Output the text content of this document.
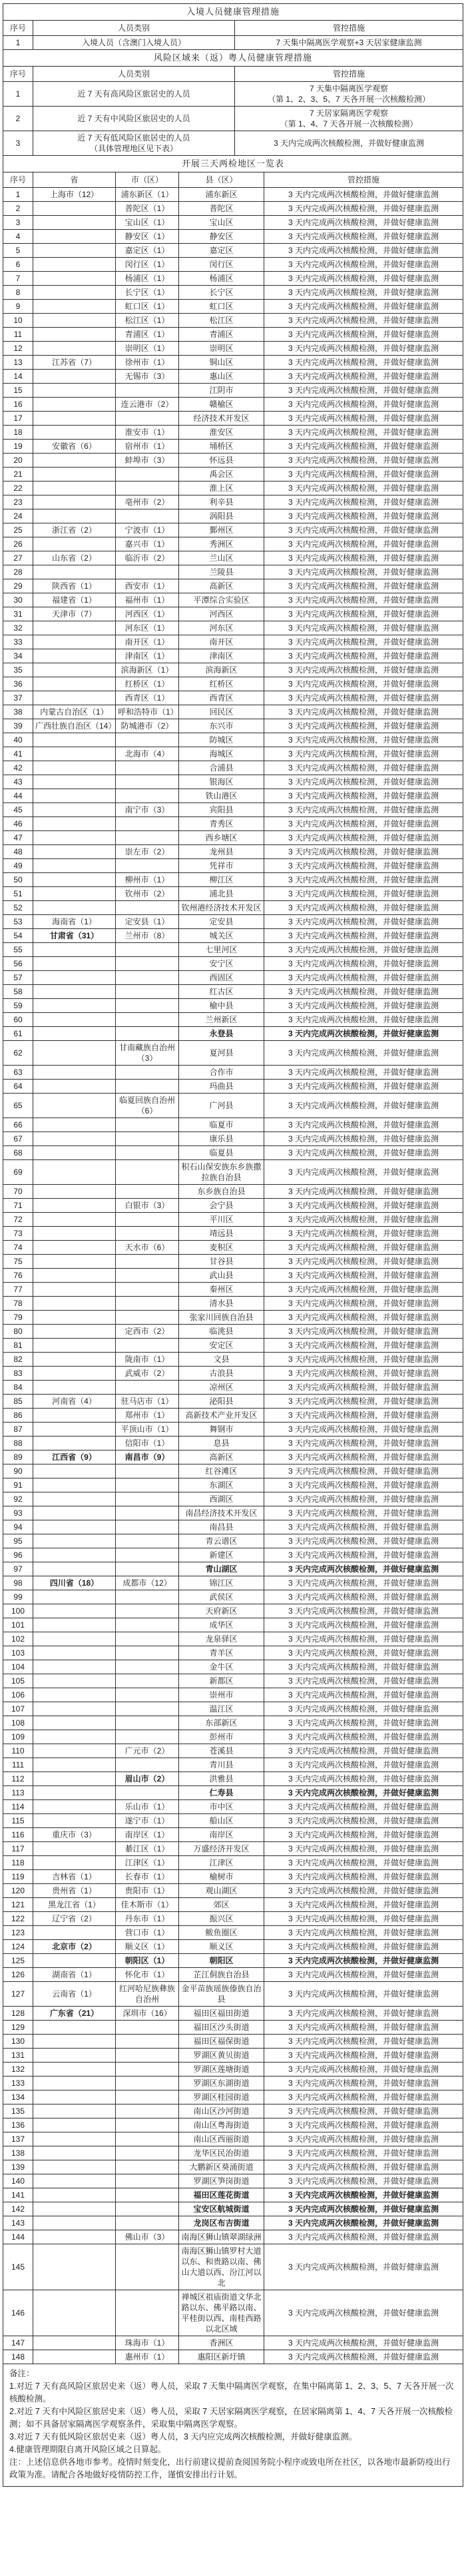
入境人员健康管理措施		
序号	人员类别	管控措施
1	入境人员（含澳门入境人员）	7 天集中隔离医学观察+3 天居家健康监测
风险区域来（返）粤人员健康管理措施		
序号	人员类别	管控措施
1	近 7 天有高风险区旅居史的人员	7 天集中隔离医学观察
（第 1、2、3、5、7 天各开展一次核酸检测）

2	近 7 天有中风险区旅居史的人员	7 天居家隔离医学观察
（第 1、4、7 天各开展一次核酸检测）

3	近 7 天有低风险区旅居史的人员
（具体管理地区见下表）	3 天内完成两次核酸检测，并做好健康监测
开展三天两检地区一览表				
序号	省	市（区）	县（区）	管控措施
1	上海市（12）	浦东新区（1）	浦东新区	3 天内完成两次核酸检测，并做好健康监测
2		普陀区（1）	普陀区	3 天内完成两次核酸检测，并做好健康监测
3		宝山区（1）	宝山区	3 天内完成两次核酸检测，并做好健康监测
4		静安区（1）	静安区	3 天内完成两次核酸检测，并做好健康监测
5		嘉定区（1）	嘉定区	3 天内完成两次核酸检测，并做好健康监测
6		闵行区（1）	闵行区	3 天内完成两次核酸检测，并做好健康监测
7		杨浦区（1）	杨浦区	3 天内完成两次核酸检测，并做好健康监测
8		长宁区（1）	长宁区	3 天内完成两次核酸检测，并做好健康监测
9		虹口区（1）	虹口区	3 天内完成两次核酸检测，并做好健康监测
10		松江区（1）	松江区	3 天内完成两次核酸检测，并做好健康监测
11		青浦区（1）	青浦区	3 天内完成两次核酸检测，并做好健康监测
12		崇明区（1）	崇明区	3 天内完成两次核酸检测，并做好健康监测
13	江苏省（7）	徐州市（1）	铜山区	3 天内完成两次核酸检测，并做好健康监测
14		无锡市（3）	惠山区	3 天内完成两次核酸检测，并做好健康监测
15			江阴市	3 天内完成两次核酸检测，并做好健康监测
16		连云港市（2）	赣榆区	3 天内完成两次核酸检测，并做好健康监测
17			经济技术开发区	3 天内完成两次核酸检测，并做好健康监测
18		淮安市（1）	淮安区	3 天内完成两次核酸检测，并做好健康监测
19	安徽省（6）	宿州市（1）	埇桥区	3 天内完成两次核酸检测，并做好健康监测
20		蚌埠市（3）	怀远县	3 天内完成两次核酸检测，并做好健康监测
21			禹会区	3 天内完成两次核酸检测，并做好健康监测
22			淮上区	3 天内完成两次核酸检测，并做好健康监测
23		亳州市（2）	利辛县	3 天内完成两次核酸检测，并做好健康监测
24			涡阳县	3 天内完成两次核酸检测，并做好健康监测
25	浙江省（2）	宁波市（1）	鄞州区	3 天内完成两次核酸检测，并做好健康监测
26		嘉兴市（1）	秀洲区	3 天内完成两次核酸检测，并做好健康监测
27	山东省（2）	临沂市（2）	兰山区	3 天内完成两次核酸检测，并做好健康监测
28			兰陵县	3 天内完成两次核酸检测，并做好健康监测
29	陕西省（1）	西安市（1）	高新区	3 天内完成两次核酸检测，并做好健康监测
30	福建省（1）	福州市（1）	平潭综合实验区	3 天内完成两次核酸检测，并做好健康监测
31	天津市（7）	河西区（1）	河西区	3 天内完成两次核酸检测，并做好健康监测
32		河东区（1）	河东区	3 天内完成两次核酸检测，并做好健康监测
33		南开区（1）	南开区	3 天内完成两次核酸检测，并做好健康监测
34		津南区（1）	津南区	3 天内完成两次核酸检测，并做好健康监测
35		滨海新区（1）	滨海新区	3 天内完成两次核酸检测，并做好健康监测
36		红桥区（1）	红桥区	3 天内完成两次核酸检测，并做好健康监测
37		西青区（1）	西青区	3 天内完成两次核酸检测，并做好健康监测
38	内蒙古自治区（1）	呼和浩特市（1）	回民区	3 天内完成两次核酸检测，并做好健康监测
39	广西壮族自治区（14）	防城港市（2）	东兴市	3 天内完成两次核酸检测，并做好健康监测
40			防城区	3 天内完成两次核酸检测，并做好健康监测
41		北海市（4）	海城区	3 天内完成两次核酸检测，并做好健康监测
42			合浦县	3 天内完成两次核酸检测，并做好健康监测
43			银海区	3 天内完成两次核酸检测，并做好健康监测
44			铁山港区	3 天内完成两次核酸检测，并做好健康监测
45		南宁市（3）	宾阳县	3 天内完成两次核酸检测，并做好健康监测
46			青秀区	3 天内完成两次核酸检测，并做好健康监测
47			西乡塘区	3 天内完成两次核酸检测，并做好健康监测
48		崇左市（2）	龙州县	3 天内完成两次核酸检测，并做好健康监测
49			凭祥市	3 天内完成两次核酸检测，并做好健康监测
50		柳州市（1）	柳江区	3 天内完成两次核酸检测，并做好健康监测
51		钦州市（2）	浦北县	3 天内完成两次核酸检测，并做好健康监测
52			钦州港经济技术开发区	3 天内完成两次核酸检测，并做好健康监测
53	海南省（1）	定安县（1）	定安县	3 天内完成两次核酸检测，并做好健康监测
54	甘肃省（31）	兰州市（8）	城关区	3 天内完成两次核酸检测，并做好健康监测
55			七里河区	3 天内完成两次核酸检测，并做好健康监测
56			安宁区	3 天内完成两次核酸检测，并做好健康监测
57			西固区	3 天内完成两次核酸检测，并做好健康监测
58			红古区	3 天内完成两次核酸检测，并做好健康监测
59			榆中县	3 天内完成两次核酸检测，并做好健康监测
60			兰州新区	3 天内完成两次核酸检测，并做好健康监测
61			永登县	3 天内完成两次核酸检测，并做好健康监测
62		甘南藏族自治州（3）	夏河县	3 天内完成两次核酸检测，并做好健康监测
63			合作市	3 天内完成两次核酸检测，并做好健康监测
64			玛曲县	3 天内完成两次核酸检测，并做好健康监测
65		临夏回族自治州（6）	广河县	3 天内完成两次核酸检测，并做好健康监测
66			临夏市	3 天内完成两次核酸检测，并做好健康监测
67			康乐县	3 天内完成两次核酸检测，并做好健康监测
68			临夏县	3 天内完成两次核酸检测，并做好健康监测
69			积石山保安族东乡族撒拉族自治县	3 天内完成两次核酸检测，并做好健康监测
70			东乡族自治县	3 天内完成两次核酸检测，并做好健康监测
71		白银市（3）	会宁县	3 天内完成两次核酸检测，并做好健康监测
72			平川区	3 天内完成两次核酸检测，并做好健康监测
73			靖远县	3 天内完成两次核酸检测，并做好健康监测
74		天水市（6）	麦积区	3 天内完成两次核酸检测，并做好健康监测
75			甘谷县	3 天内完成两次核酸检测，并做好健康监测
76			武山县	3 天内完成两次核酸检测，并做好健康监测
77			秦州区	3 天内完成两次核酸检测，并做好健康监测
78			清水县	3 天内完成两次核酸检测，并做好健康监测
79			张家川回族自治县	3 天内完成两次核酸检测，并做好健康监测
80		定西市（2）	临洮县	3 天内完成两次核酸检测，并做好健康监测
81			安定区	3 天内完成两次核酸检测，并做好健康监测
82		陇南市（1）	文县	3 天内完成两次核酸检测，并做好健康监测
83		武威市（2）	古浪县	3 天内完成两次核酸检测，并做好健康监测
84			凉州区	3 天内完成两次核酸检测，并做好健康监测
85	河南省（4）	驻马店市（1）	泌阳县	3 天内完成两次核酸检测，并做好健康监测
86		郑州市（1）	高新技术产业开发区	3 天内完成两次核酸检测，并做好健康监测
87		平顶山市（1）	舞钢市	3 天内完成两次核酸检测，并做好健康监测
88		信阳市（1）	息县	3 天内完成两次核酸检测，并做好健康监测
89	江西省（9）	南昌市（9）	高新区	3 天内完成两次核酸检测，并做好健康监测
90			红谷滩区	3 天内完成两次核酸检测，并做好健康监测
91			东湖区	3 天内完成两次核酸检测，并做好健康监测
92			西湖区	3 天内完成两次核酸检测，并做好健康监测
93			南昌经济技术开发区	3 天内完成两次核酸检测，并做好健康监测
94			南昌县	3 天内完成两次核酸检测，并做好健康监测
95			青云谱区	3 天内完成两次核酸检测，并做好健康监测
96			新建区	3 天内完成两次核酸检测，并做好健康监测
97			青山湖区	3 天内完成两次核酸检测，并做好健康监测
98	四川省（18）	成都市（12）	锦江区	3 天内完成两次核酸检测，并做好健康监测
99			武侯区	3 天内完成两次核酸检测，并做好健康监测
100			天府新区	3 天内完成两次核酸检测，并做好健康监测
101			成华区	3 天内完成两次核酸检测，并做好健康监测
102			龙泉驿区	3 天内完成两次核酸检测，并做好健康监测
103			青羊区	3 天内完成两次核酸检测，并做好健康监测
104			金牛区	3 天内完成两次核酸检测，并做好健康监测
105			新都区	3 天内完成两次核酸检测，并做好健康监测
106			崇州市	3 天内完成两次核酸检测，并做好健康监测
107			温江区	3 天内完成两次核酸检测，并做好健康监测
108			东部新区	3 天内完成两次核酸检测，并做好健康监测
109			彭州市	3 天内完成两次核酸检测，并做好健康监测
110		广元市（2）	苍溪县	3 天内完成两次核酸检测，并做好健康监测
111			青川县	3 天内完成两次核酸检测，并做好健康监测
112		眉山市（2）	洪雅县	3 天内完成两次核酸检测，并做好健康监测
113			仁寿县	3 天内完成两次核酸检测，并做好健康监测
114		乐山市（1）	市中区	3 天内完成两次核酸检测，并做好健康监测
115		遂宁市（1）	船山区	3 天内完成两次核酸检测，并做好健康监测
116	重庆市（3）	南岸区（1）	南岸区	3 天内完成两次核酸检测，并做好健康监测
117		綦江区（1）	万盛经济开发区	3 天内完成两次核酸检测，并做好健康监测
118		江津区（1）	江津区	3 天内完成两次核酸检测，并做好健康监测
119	吉林省（1）	长春市（1）	榆树市	3 天内完成两次核酸检测，并做好健康监测
120	贵州省（1）	贵阳市（1）	观山湖区	3 天内完成两次核酸检测，并做好健康监测
121	黑龙江省（1）	佳木斯市（1）	郊区	3 天内完成两次核酸检测，并做好健康监测
122	辽宁省（2）	丹东市（1）	振兴区	3 天内完成两次核酸检测，并做好健康监测
123		营口市（1）	鲅鱼圈区	3 天内完成两次核酸检测，并做好健康监测
124	北京市（2）	顺义区（1）	顺义区	3 天内完成两次核酸检测，并做好健康监测
125		朝阳区（1）	朝阳区	3 天内完成两次核酸检测，并做好健康监测
126	湖南省（1）	怀化市（1）	芷江侗族自治县	3 天内完成两次核酸检测，并做好健康监测
127	云南省（1）	红河哈尼族彝族自治州	金平苗族瑶族傣族自治县	3 天内完成两次核酸检测，并做好健康监测
128	广东省（21）	深圳市（16）	福田区福田街道	3 天内完成两次核酸检测，并做好健康监测
129			福田区沙头街道	3 天内完成两次核酸检测，并做好健康监测
130			福田区福保街道	3 天内完成两次核酸检测，并做好健康监测
131			罗湖区黄贝街道	3 天内完成两次核酸检测，并做好健康监测
132			罗湖区莲塘街道	3 天内完成两次核酸检测，并做好健康监测
133			罗湖区东湖街道	3 天内完成两次核酸检测，并做好健康监测
134			罗湖区桂园街道	3 天内完成两次核酸检测，并做好健康监测
135			南山区沙河街道	3 天内完成两次核酸检测，并做好健康监测
136			南山区粤海街道	3 天内完成两次核酸检测，并做好健康监测
137			南山区西丽街道	3 天内完成两次核酸检测，并做好健康监测
138			龙华区民治街道	3 天内完成两次核酸检测，并做好健康监测
139			大鹏新区葵涌街道	3 天内完成两次核酸检测，并做好健康监测
140			罗湖区笋岗街道	3 天内完成两次核酸检测，并做好健康监测
141			福田区莲花街道	3 天内完成两次核酸检测，并做好健康监测
142			宝安区航城街道	3 天内完成两次核酸检测，并做好健康监测
143			龙岗区布吉街道	3 天内完成两次核酸检测，并做好健康监测
144		佛山市（3）	南海区狮山镇翠湖绿洲	3 天内完成两次核酸检测，并做好健康监测
145			南海区狮山镇罗村大道以东、和贵路以南、佛山大道以西、汾江河以北	3 天内完成两次核酸检测，并做好健康监测
146			禅城区祖庙街道文华北路以东、佛平路以南、平桂街以西、南桂西路以北区域	3 天内完成两次核酸检测，并做好健康监测
147		珠海市（1）	香洲区	3 天内完成两次核酸检测，并做好健康监测
148		惠州市（1）	惠阳区新圩镇	3 天内完成两次核酸检测，并做好健康监测

备注：

1.对近 7 天有高风险区旅居史来（返）粤人员，采取 7 天集中隔离医学观察，在集中隔离第 1、2、3、5、7 天各开展一次核酸检测。

2.对近 7 天有中风险区旅居史来（返）粤人员，采取 7 天居家隔离医学观察，在居家隔离第 1、4、7 天各开展一次核酸检测；如不具备居家隔离医学观察条件，采取集中隔离医学观察。

3.对近 7 天有低风险区旅居史来（返）粤人员，3 天内应完成两次核酸检测，并做好健康监测。

4.健康管理期限自离开风险区域之日算起。

注：上述信息供各地市参考。疫情时刻变化，出行前建议提前查阅国务院小程序或致电所在社区，以各地市最新防疫出行政策为准。请配合各地做好疫情防控工作，谨慎安排出行计划。
